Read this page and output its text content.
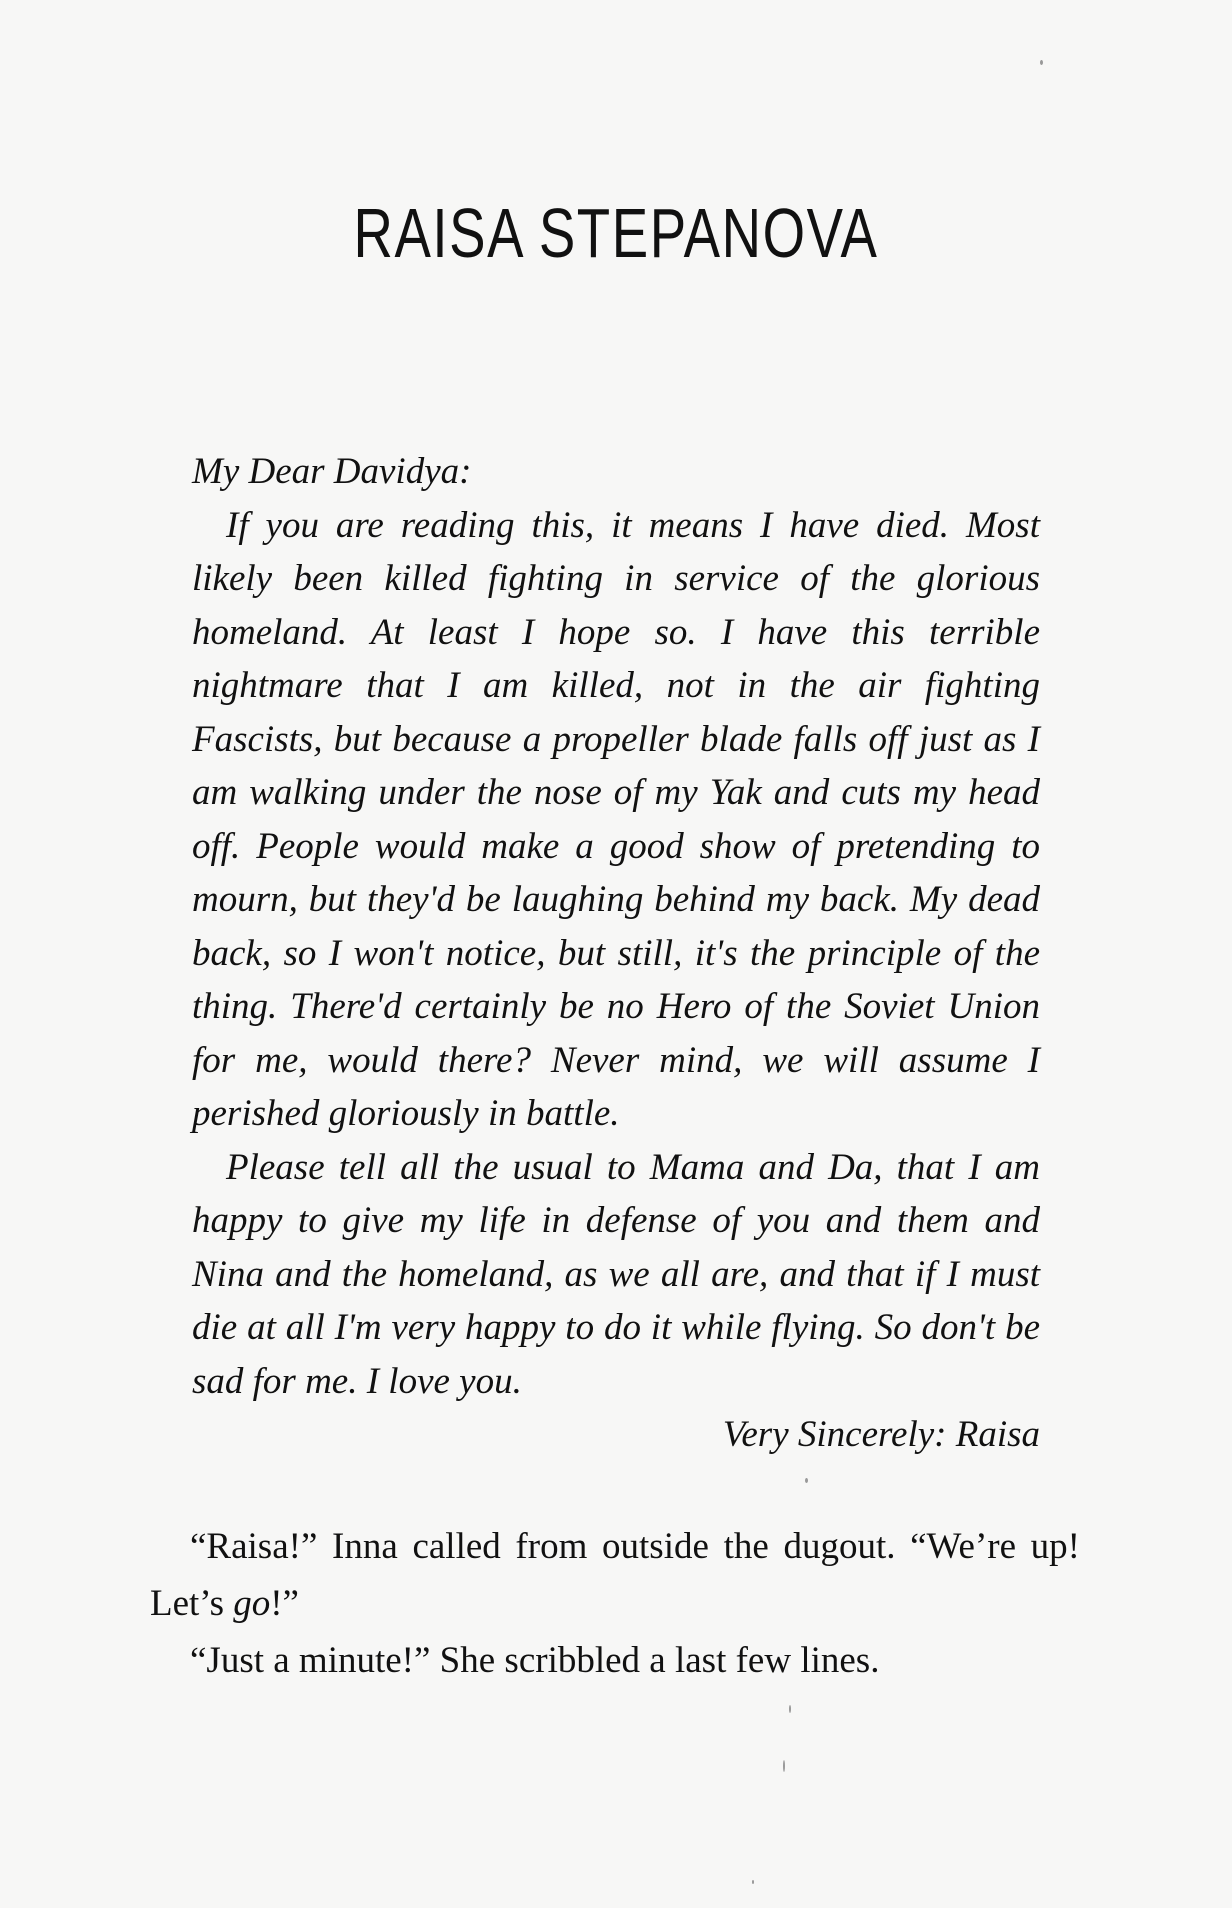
RAISA STEPANOVA

My Dear Davidya:

If you are reading this, it means I have died. Most likely been killed fighting in service of the glorious homeland. At least I hope so. I have this terrible nightmare that I am killed, not in the air fighting Fascists, but because a propeller blade falls off just as I am walking under the nose of my Yak and cuts my head off. People would make a good show of pretending to mourn, but they'd be laughing behind my back. My dead back, so I won't notice, but still, it's the principle of the thing. There'd certainly be no Hero of the Soviet Union for me, would there? Never mind, we will assume I perished gloriously in battle.

Please tell all the usual to Mama and Da, that I am happy to give my life in defense of you and them and Nina and the homeland, as we all are, and that if I must die at all I'm very happy to do it while flying. So don't be sad for me. I love you.

Very Sincerely: Raisa

“Raisa!” Inna called from outside the dugout. “We’re up! Let’s go!”

“Just a minute!” She scribbled a last few lines.
